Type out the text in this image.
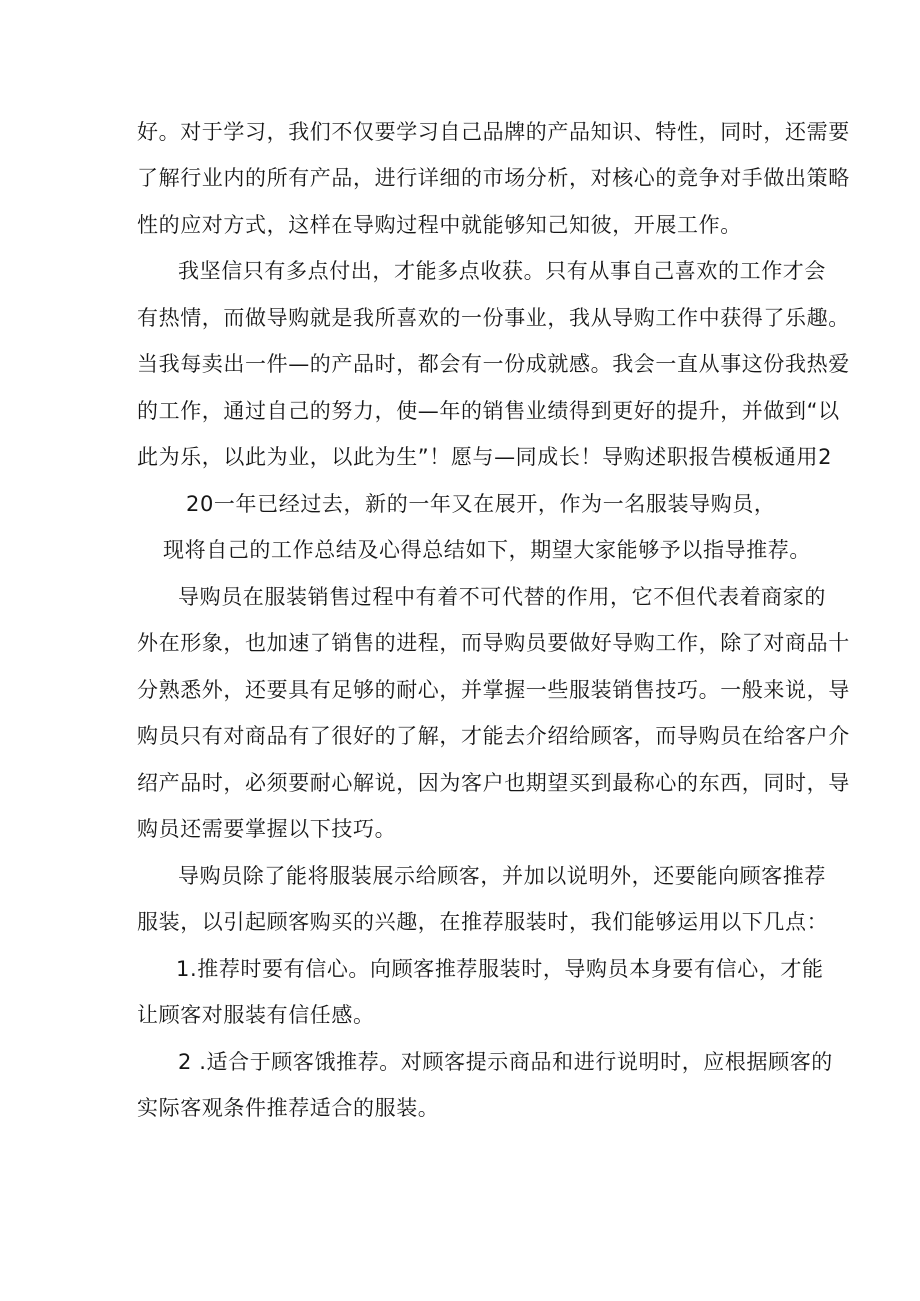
好。对于学习，我们不仅要学习自己品牌的产品知识、特性，同时，还需要
了解行业内的所有产品，进行详细的市场分析，对核心的竞争对手做出策略
性的应对方式，这样在导购过程中就能够知己知彼，开展工作。
我坚信只有多点付出，才能多点收获。只有从事自己喜欢的工作才会
有热情，而做导购就是我所喜欢的一份事业，我从导购工作中获得了乐趣。
当我每卖出一件—的产品时，都会有一份成就感。我会一直从事这份我热爱
的工作，通过自己的努力，使—年的销售业绩得到更好的提升，并做到“以
此为乐，以此为业，以此为生”！愿与—同成长！导购述职报告模板通用2
20一年已经过去，新的一年又在展开，作为一名服装导购员，
现将自己的工作总结及心得总结如下，期望大家能够予以指导推荐。
导购员在服装销售过程中有着不可代替的作用，它不但代表着商家的
外在形象，也加速了销售的进程，而导购员要做好导购工作，除了对商品十
分熟悉外，还要具有足够的耐心，并掌握一些服装销售技巧。一般来说，导
购员只有对商品有了很好的了解，才能去介绍给顾客，而导购员在给客户介
绍产品时，必须要耐心解说，因为客户也期望买到最称心的东西，同时，导
购员还需要掌握以下技巧。
导购员除了能将服装展示给顾客，并加以说明外，还要能向顾客推荐
服装，以引起顾客购买的兴趣，在推荐服装时，我们能够运用以下几点：
1.推荐时要有信心。向顾客推荐服装时，导购员本身要有信心，才能
让顾客对服装有信任感。
2 .适合于顾客饿推荐。对顾客提示商品和进行说明时，应根据顾客的
实际客观条件推荐适合的服装。
